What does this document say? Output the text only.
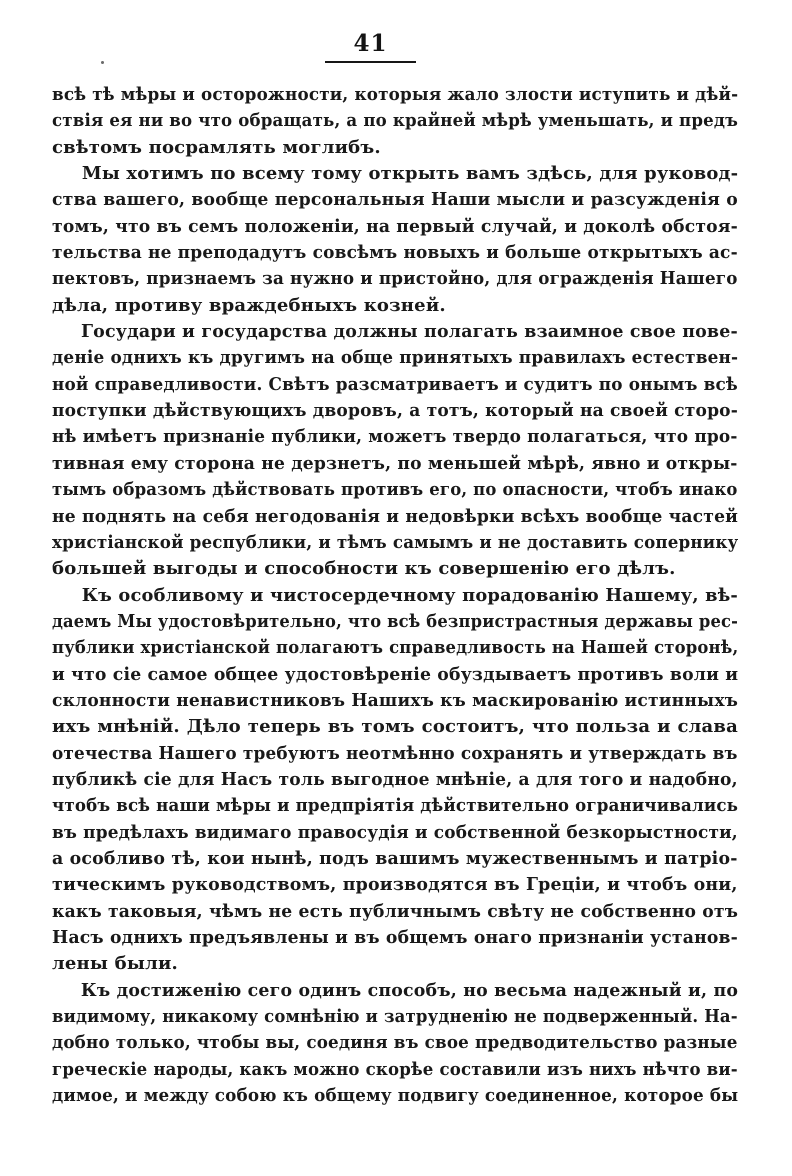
41
всѣ тѣ мѣры и осторожности, которыя жало злости иступить и дѣй-
ствія ея ни во что обращать, а по крайней мѣрѣ уменьшать, и предъ
свѣтомъ посрамлять моглибъ.
Мы хотимъ по всему тому открыть вамъ здѣсь, для руковод-
ства вашего, вообще персональныя Наши мысли и разсужденія о
томъ, что въ семъ положеніи, на первый случай, и доколѣ обстоя-
тельства не преподадутъ совсѣмъ новыхъ и больше открытыхъ ас-
пектовъ, признаемъ за нужно и пристойно, для огражденія Нашего
дѣла, противу враждебныхъ козней.
Государи и государства должны полагать взаимное свое пове-
деніе однихъ къ другимъ на обще принятыхъ правилахъ естествен-
ной справедливости. Свѣтъ разсматриваетъ и судитъ по онымъ всѣ
поступки дѣйствующихъ дворовъ, а тотъ, который на своей сторо-
нѣ имѣетъ признаніе публики, можетъ твердо полагаться, что про-
тивная ему сторона не дерзнетъ, по меньшей мѣрѣ, явно и откры-
тымъ образомъ дѣйствовать противъ его, по опасности, чтобъ инако
не поднять на себя негодованія и недовѣрки всѣхъ вообще частей
христіанской республики, и тѣмъ самымъ и не доставить сопернику
большей выгоды и способности къ совершенію его дѣлъ.
Къ особливому и чистосердечному порадованію Нашему, вѣ-
даемъ Мы удостовѣрительно, что всѣ безпристрастныя державы рес-
публики христіанской полагаютъ справедливость на Нашей сторонѣ,
и что сіе самое общее удостовѣреніе обуздываетъ противъ воли и
склонности ненавистниковъ Нашихъ къ маскированію истинныхъ
ихъ мнѣній. Дѣло теперь въ томъ состоитъ, что польза и слава
отечества Нашего требуютъ неотмѣнно сохранять и утверждать въ
публикѣ сіе для Насъ толь выгодное мнѣніе, а для того и надобно,
чтобъ всѣ наши мѣры и предпріятія дѣйствительно ограничивались
въ предѣлахъ видимаго правосудія и собственной безкорыстности,
а особливо тѣ, кои нынѣ, подъ вашимъ мужественнымъ и патріо-
тическимъ руководствомъ, производятся въ Греціи, и чтобъ они,
какъ таковыя, чѣмъ не есть публичнымъ свѣту не собственно отъ
Насъ однихъ предъявлены и въ общемъ онаго признаніи установ-
лены были.
Къ достиженію сего одинъ способъ, но весьма надежный и, по
видимому, никакому сомнѣнію и затрудненію не подверженный. На-
добно только, чтобы вы, соединя въ свое предводительство разные
греческіе народы, какъ можно скорѣе составили изъ нихъ нѣчто ви-
димое, и между собою къ общему подвигу соединенное, которое бы
